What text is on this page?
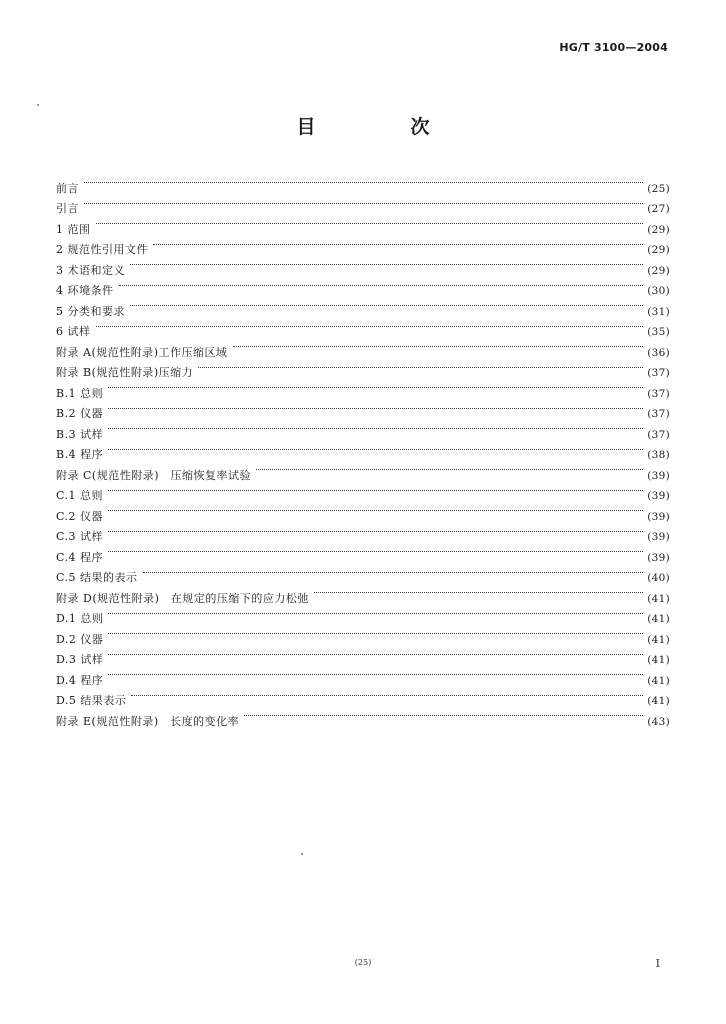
HG/T 3100—2004
目　次
前言	(25)
引言	(27)
1 范围	(29)
2 规范性引用文件	(29)
3 术语和定义	(29)
4 环境条件	(30)
5 分类和要求	(31)
6 试样	(35)
附录 A(规范性附录)工作压缩区域	(36)
附录 B(规范性附录)压缩力	(37)
B.1 总则	(37)
B.2 仪器	(37)
B.3 试样	(37)
B.4 程序	(38)
附录 C(规范性附录)　压缩恢复率试验	(39)
C.1 总则	(39)
C.2 仪器	(39)
C.3 试样	(39)
C.4 程序	(39)
C.5 结果的表示	(40)
附录 D(规范性附录)　在规定的压缩下的应力松弛	(41)
D.1 总则	(41)
D.2 仪器	(41)
D.3 试样	(41)
D.4 程序	(41)
D.5 结果表示	(41)
附录 E(规范性附录)　长度的变化率	(43)
(25)	I
